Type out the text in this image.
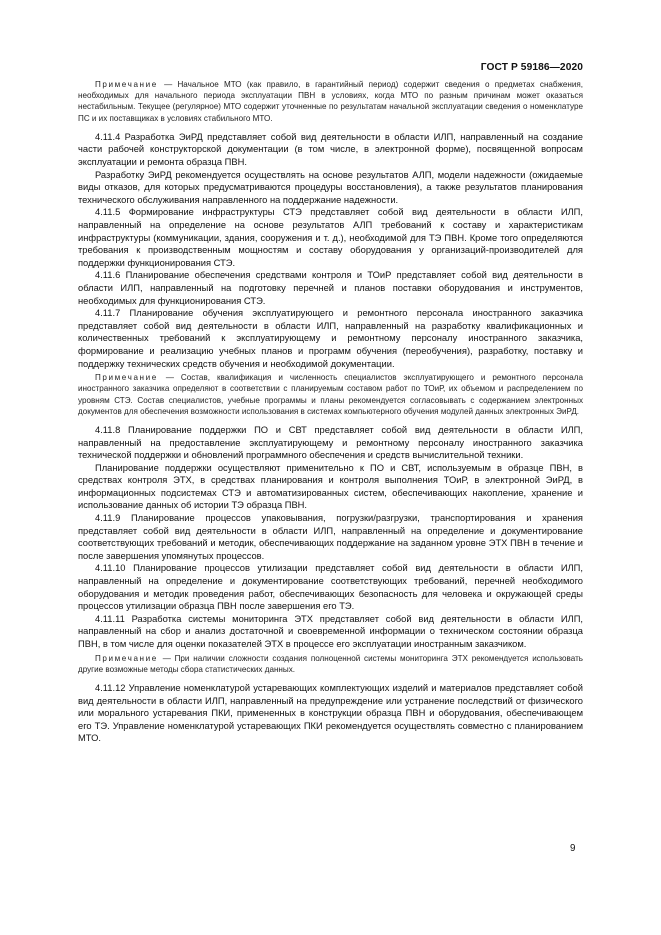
ГОСТ Р 59186—2020

Примечание — Начальное МТО (как правило, в гарантийный период) содержит сведения о предметах снабжения, необходимых для начального периода эксплуатации ПВН в условиях, когда МТО по разным причинам может оказаться нестабильным. Текущее (регулярное) МТО содержит уточненные по результатам начальной эксплуатации сведения о номенклатуре ПС и их поставщиках в условиях стабильного МТО.

4.11.4 Разработка ЭиРД представляет собой вид деятельности в области ИЛП, направленный на создание части рабочей конструкторской документации (в том числе, в электронной форме), посвященной вопросам эксплуатации и ремонта образца ПВН.

Разработку ЭиРД рекомендуется осуществлять на основе результатов АЛП, модели надежности (ожидаемые виды отказов, для которых предусматриваются процедуры восстановления), а также результатов планирования технического обслуживания направленного на поддержание надежности.

4.11.5 Формирование инфраструктуры СТЭ представляет собой вид деятельности в области ИЛП, направленный на определение на основе результатов АЛП требований к составу и характеристикам инфраструктуры (коммуникации, здания, сооружения и т. д.), необходимой для ТЭ ПВН. Кроме того определяются требования к производственным мощностям и составу оборудования у организаций-производителей для поддержки функционирования СТЭ.

4.11.6 Планирование обеспечения средствами контроля и ТОиР представляет собой вид деятельности в области ИЛП, направленный на подготовку перечней и планов поставки оборудования и инструментов, необходимых для функционирования СТЭ.

4.11.7 Планирование обучения эксплуатирующего и ремонтного персонала иностранного заказчика представляет собой вид деятельности в области ИЛП, направленный на разработку квалификационных и количественных требований к эксплуатирующему и ремонтному персоналу иностранного заказчика, формирование и реализацию учебных планов и программ обучения (переобучения), разработку, поставку и поддержку технических средств обучения и необходимой документации.

Примечание — Состав, квалификация и численность специалистов эксплуатирующего и ремонтного персонала иностранного заказчика определяют в соответствии с планируемым составом работ по ТОиР, их объемом и распределением по уровням СТЭ. Состав специалистов, учебные программы и планы рекомендуется согласовывать с содержанием электронных документов для обеспечения возможности использования в системах компьютерного обучения модулей данных электронных ЭиРД.

4.11.8 Планирование поддержки ПО и СВТ представляет собой вид деятельности в области ИЛП, направленный на предоставление эксплуатирующему и ремонтному персоналу иностранного заказчика технической поддержки и обновлений программного обеспечения и средств вычислительной техники.

Планирование поддержки осуществляют применительно к ПО и СВТ, используемым в образце ПВН, в средствах контроля ЭТХ, в средствах планирования и контроля выполнения ТОиР, в электронной ЭиРД, в информационных подсистемах СТЭ и автоматизированных систем, обеспечивающих накопление, хранение и использование данных об истории ТЭ образца ПВН.

4.11.9 Планирование процессов упаковывания, погрузки/разгрузки, транспортирования и хранения представляет собой вид деятельности в области ИЛП, направленный на определение и документирование соответствующих требований и методик, обеспечивающих поддержание на заданном уровне ЭТХ ПВН в течение и после завершения упомянутых процессов.

4.11.10 Планирование процессов утилизации представляет собой вид деятельности в области ИЛП, направленный на определение и документирование соответствующих требований, перечней необходимого оборудования и методик проведения работ, обеспечивающих безопасность для человека и окружающей среды процессов утилизации образца ПВН после завершения его ТЭ.

4.11.11 Разработка системы мониторинга ЭТХ представляет собой вид деятельности в области ИЛП, направленный на сбор и анализ достаточной и своевременной информации о техническом состоянии образца ПВН, в том числе для оценки показателей ЭТХ в процессе его эксплуатации иностранным заказчиком.

Примечание — При наличии сложности создания полноценной системы мониторинга ЭТХ рекомендуется использовать другие возможные методы сбора статистических данных.

4.11.12 Управление номенклатурой устаревающих комплектующих изделий и материалов представляет собой вид деятельности в области ИЛП, направленный на предупреждение или устранение последствий от физического или морального устаревания ПКИ, примененных в конструкции образца ПВН и оборудования, обеспечивающем его ТЭ. Управление номенклатурой устаревающих ПКИ рекомендуется осуществлять совместно с планированием МТО.

9
